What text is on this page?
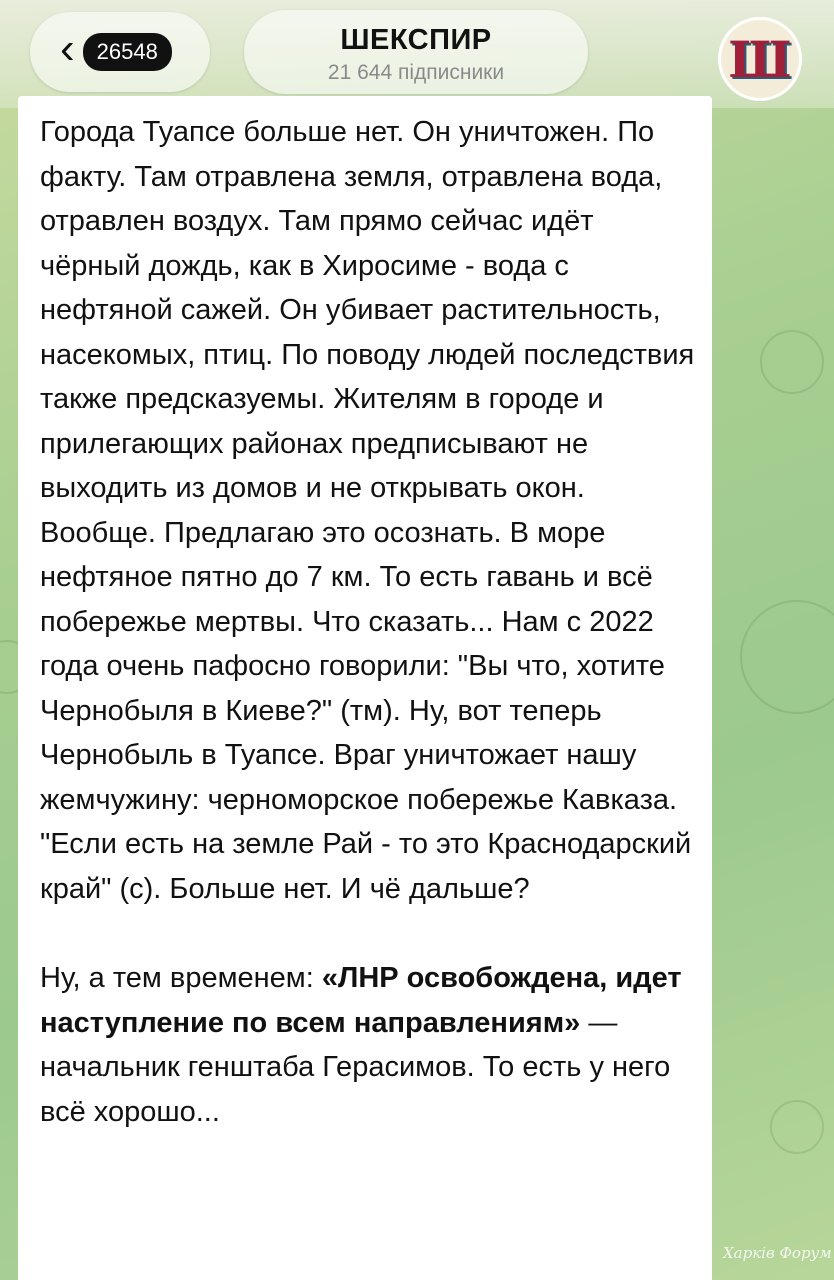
‹	26548	ШЕКСПИР
21 644 підписники	Ш

Города Туапсе больше нет. Он уничтожен. По факту. Там отравлена земля, отравлена вода, отравлен воздух. Там прямо сейчас идёт чёрный дождь, как в Хиросиме - вода с нефтяной сажей. Он убивает растительность, насекомых, птиц. По поводу людей последствия также предсказуемы. Жителям в городе и прилегающих районах предписывают не выходить из домов и не открывать окон. Вообще. Предлагаю это осознать. В море нефтяное пятно до 7 км. То есть гавань и всё побережье мертвы. Что сказать... Нам с 2022 года очень пафосно говорили: "Вы что, хотите Чернобыля в Киеве?" (тм). Ну, вот теперь Чернобыль в Туапсе. Враг уничтожает нашу жемчужину: черноморское побережье Кавказа. "Если есть на земле Рай - то это Краснодарский край" (с). Больше нет. И чё дальше?

Ну, а тем временем: «ЛНР освобождена, идет наступление по всем направлениям» — начальник генштаба Герасимов. То есть у него всё хорошо...

Харків Форум
